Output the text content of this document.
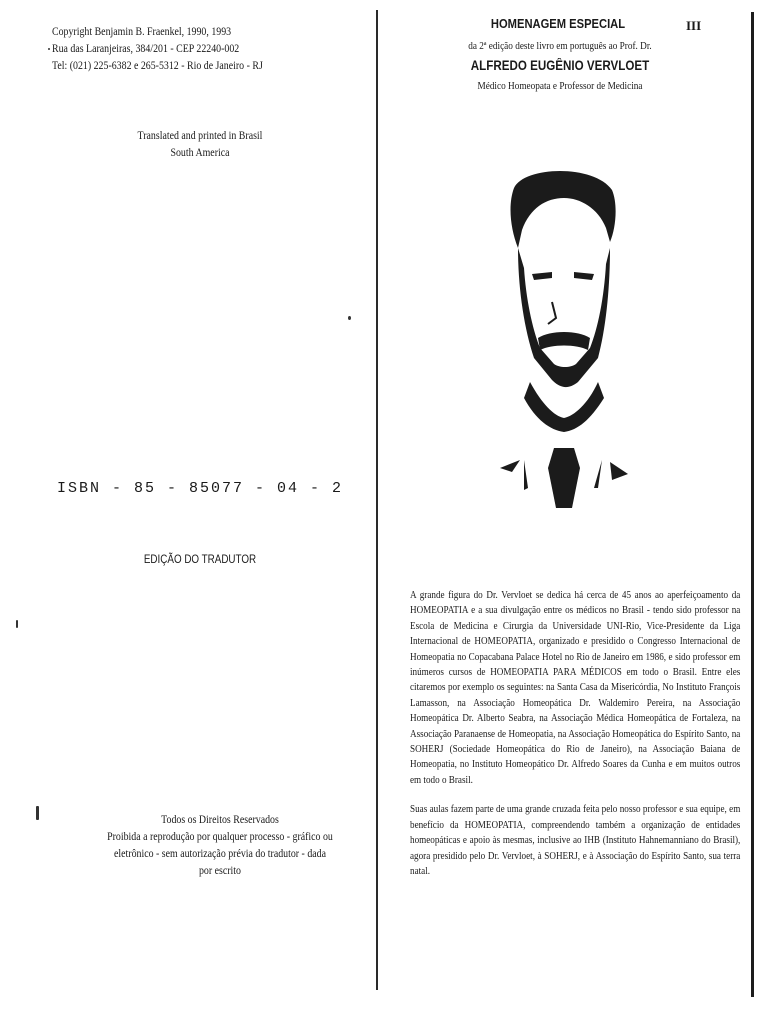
Copyright Benjamin B. Fraenkel, 1990, 1993
Rua das Laranjeiras, 384/201 - CEP 22240-002
Tel: (021) 225-6382 e 265-5312 - Rio de Janeiro - RJ
Translated and printed in Brasil
South America
ISBN - 85 - 85077 - 04 - 2
EDIÇÃO DO TRADUTOR
Todos os Direitos Reservados
Proibida a reprodução por qualquer processo - gráfico ou
eletrônico - sem autorização prévia do tradutor - dada
por escrito
HOMENAGEM ESPECIAL	III
da 2ª edição deste livro em português ao Prof. Dr.
ALFREDO EUGÊNIO VERVLOET
Médico Homeopata e Professor de Medicina

A grande figura do Dr. Vervloet se dedica há cerca de 45 anos ao aperfeiçoamento da HOMEOPATIA e a sua divulgação entre os médicos no Brasil - tendo sido professor na Escola de Medicina e Cirurgia da Universidade UNI-Rio, Vice-Presidente da Liga Internacional de HOMEOPATIA, organizado e presidido o Congresso Internacional de Homeopatia no Copacabana Palace Hotel no Rio de Janeiro em 1986, e sido professor em inúmeros cursos de HOMEOPATIA PARA MÉDICOS em todo o Brasil. Entre eles citaremos por exemplo os seguintes: na Santa Casa da Misericórdia, No Instituto François Lamasson, na Associação Homeopática Dr. Waldemiro Pereira, na Associação Homeopática Dr. Alberto Seabra, na Associação Médica Homeopática de Fortaleza, na Associação Paranaense de Homeopatia, na Associação Homeopática do Espírito Santo, na SOHERJ (Sociedade Homeopática do Rio de Janeiro), na Associação Baiana de Homeopatia, no Instituto Homeopático Dr. Alfredo Soares da Cunha e em muitos outros em todo o Brasil.

Suas aulas fazem parte de uma grande cruzada feita pelo nosso professor e sua equipe, em benefício da HOMEOPATIA, compreendendo também a organização de entidades homeopáticas e apoio às mesmas, inclusive ao IHB (Instituto Hahnemanniano do Brasil), agora presidido pelo Dr. Vervloet, à SOHERJ, e à Associação do Espírito Santo, sua terra natal.
